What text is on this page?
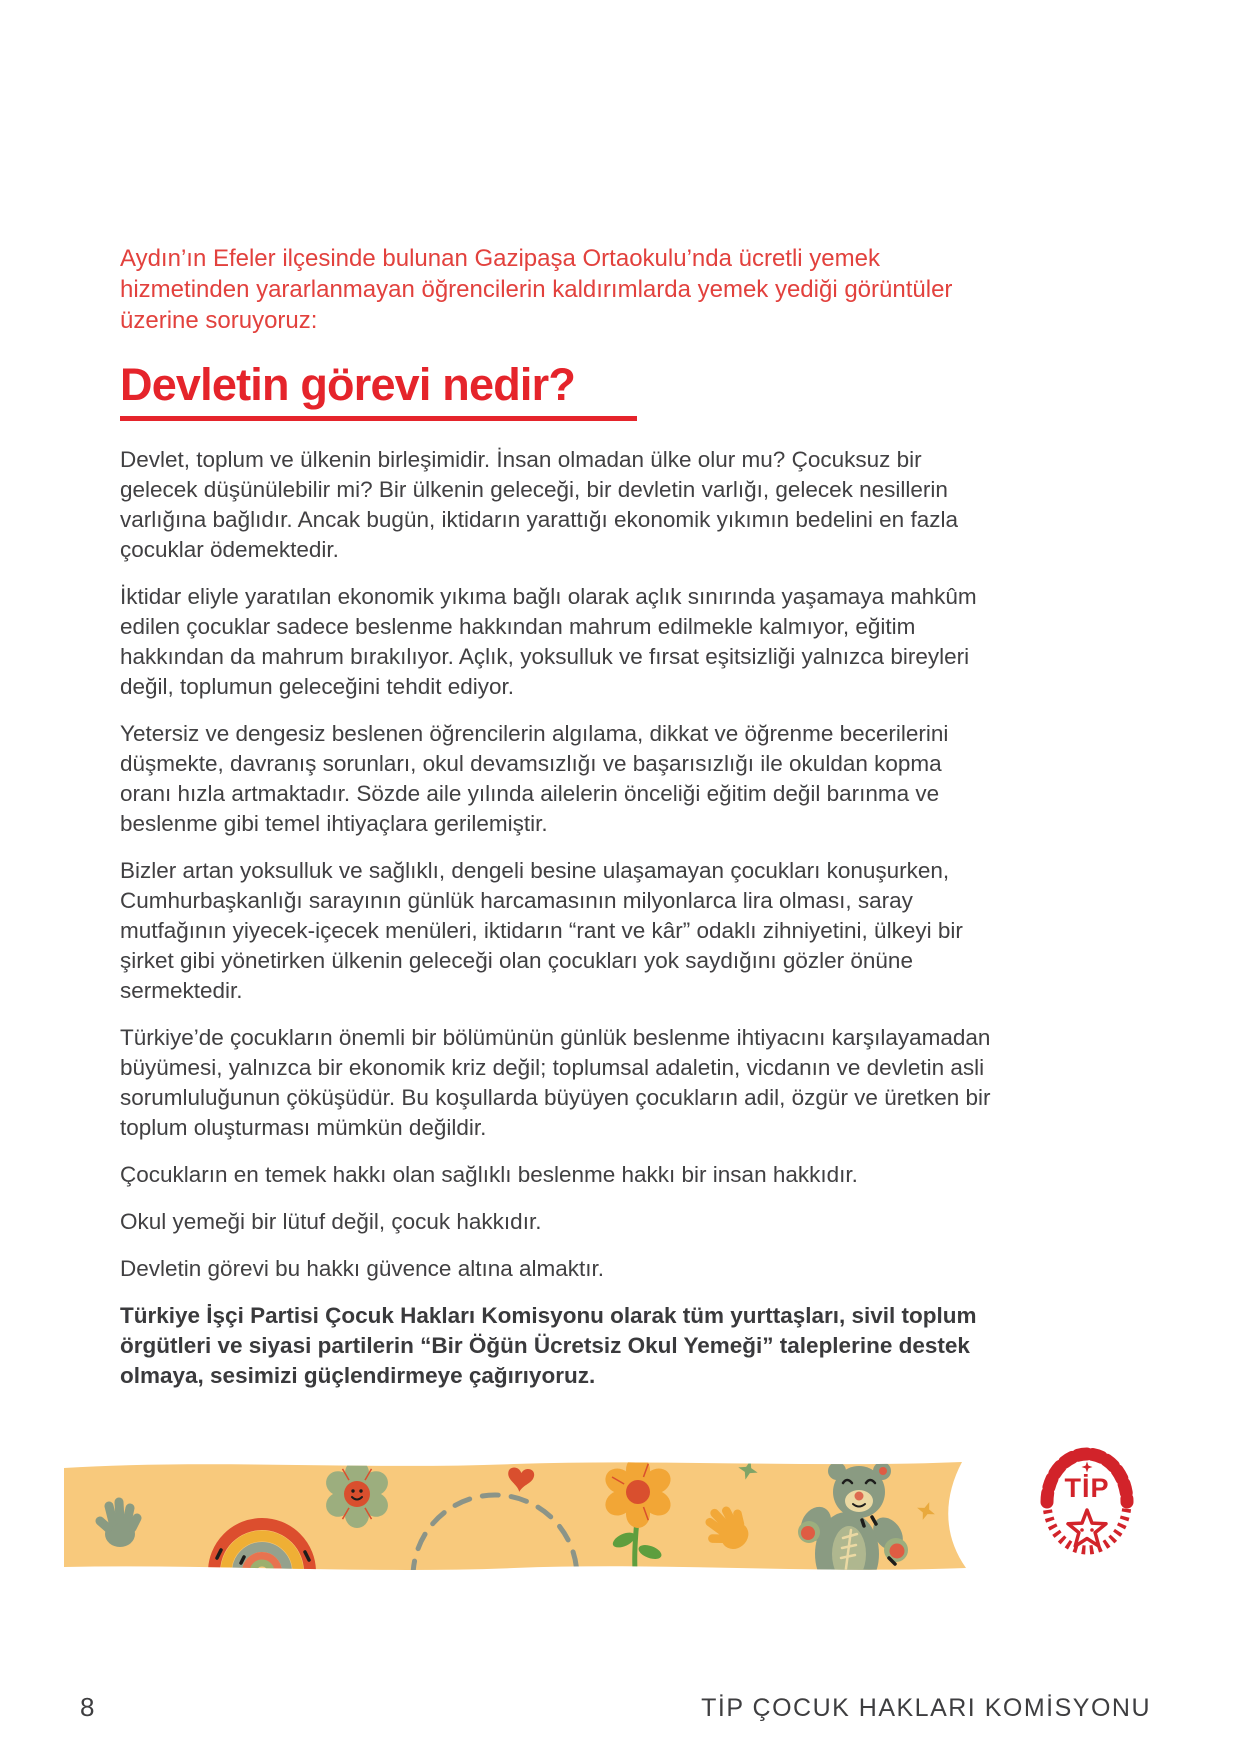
Aydın’ın Efeler ilçesinde bulunan Gazipaşa Ortaokulu’nda ücretli yemek hizmetinden yararlanmayan öğrencilerin kaldırımlarda yemek yediği görüntüler üzerine soruyoruz:

Devletin görevi nedir?

Devlet, toplum ve ülkenin birleşimidir. İnsan olmadan ülke olur mu? Çocuksuz bir gelecek düşünülebilir mi? Bir ülkenin geleceği, bir devletin varlığı, gelecek nesillerin varlığına bağlıdır. Ancak bugün, iktidarın yarattığı ekonomik yıkımın bedelini en fazla çocuklar ödemektedir.

İktidar eliyle yaratılan ekonomik yıkıma bağlı olarak açlık sınırında yaşamaya mahkûm edilen çocuklar sadece beslenme hakkından mahrum edilmekle kalmıyor, eğitim hakkından da mahrum bırakılıyor. Açlık, yoksulluk ve fırsat eşitsizliği yalnızca bireyleri değil, toplumun geleceğini tehdit ediyor.

Yetersiz ve dengesiz beslenen öğrencilerin algılama, dikkat ve öğrenme becerilerini düşmekte, davranış sorunları, okul devamsızlığı ve başarısızlığı ile okuldan kopma oranı hızla artmaktadır. Sözde aile yılında ailelerin önceliği eğitim değil barınma ve beslenme gibi temel ihtiyaçlara gerilemiştir.

Bizler artan yoksulluk ve sağlıklı, dengeli besine ulaşamayan çocukları konuşurken, Cumhurbaşkanlığı sarayının günlük harcamasının milyonlarca lira olması, saray mutfağının yiyecek-içecek menüleri, iktidarın “rant ve kâr” odaklı zihniyetini, ülkeyi bir şirket gibi yönetirken ülkenin geleceği olan çocukları yok saydığını gözler önüne sermektedir.

Türkiye’de çocukların önemli bir bölümünün günlük beslenme ihtiyacını karşılayamadan büyümesi, yalnızca bir ekonomik kriz değil; toplumsal adaletin, vicdanın ve devletin asli sorumluluğunun çöküşüdür. Bu koşullarda büyüyen çocukların adil, özgür ve üretken bir toplum oluşturması mümkün değildir.

Çocukların en temek hakkı olan sağlıklı beslenme hakkı bir insan hakkıdır.

Okul yemeği bir lütuf değil, çocuk hakkıdır.

Devletin görevi bu hakkı güvence altına almaktır.

Türkiye İşçi Partisi Çocuk Hakları Komisyonu olarak tüm yurttaşları, sivil toplum örgütleri ve siyasi partilerin “Bir Öğün Ücretsiz Okul Yemeği” taleplerine destek olmaya, sesimizi güçlendirmeye çağırıyoruz.

TİP
8	TİP ÇOCUK HAKLARI KOMİSYONU
